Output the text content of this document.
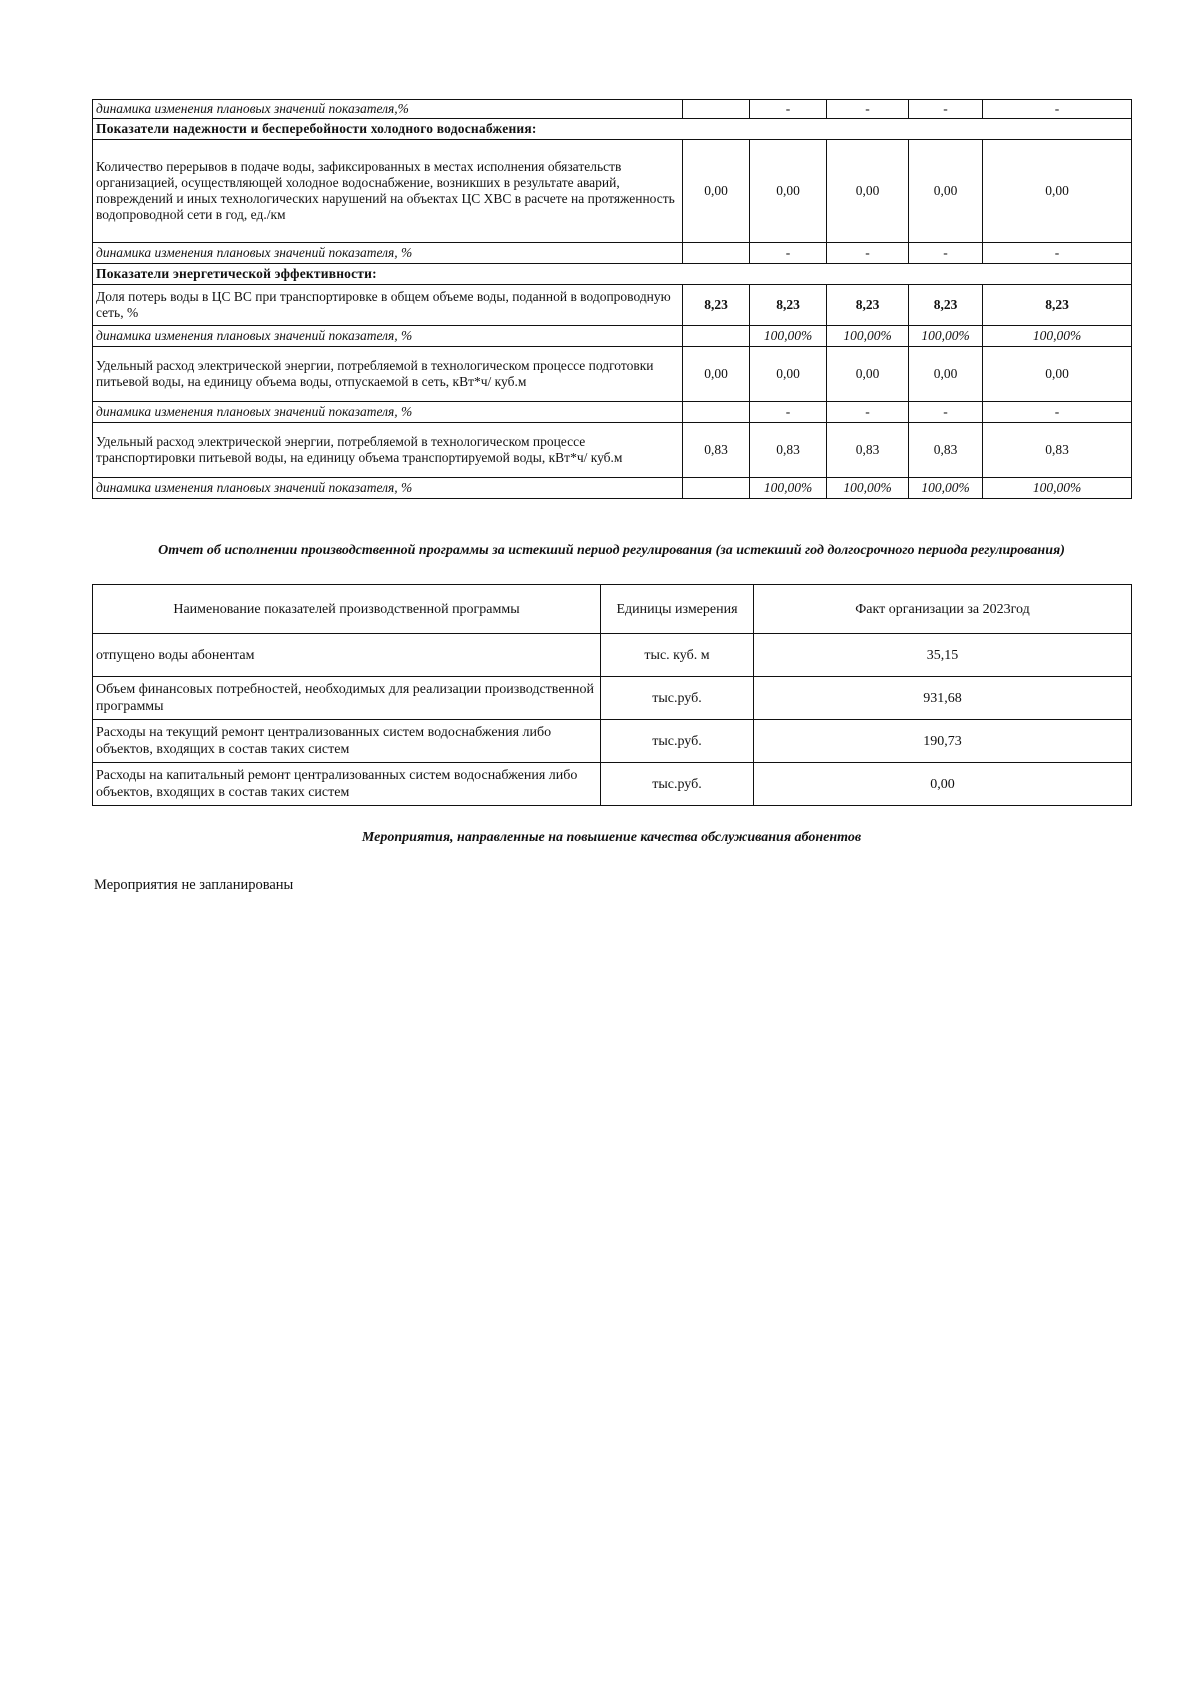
динамика изменения плановых значений показателя,%		-	-	-	-
Показатели надежности и бесперебойности холодного водоснабжения:					
Количество перерывов в подаче воды, зафиксированных в местах исполнения обязательств организацией, осуществляющей холодное водоснабжение, возникших в результате аварий, повреждений и иных технологических нарушений на объектах ЦС ХВС в расчете на протяженность водопроводной сети в год, ед./км	0,00	0,00	0,00	0,00	0,00
динамика изменения плановых значений показателя, %		-	-	-	-
Показатели энергетической эффективности:					
Доля потерь воды в ЦС ВС при транспортировке в общем объеме воды, поданной в водопроводную сеть, %	8,23	8,23	8,23	8,23	8,23
динамика изменения плановых значений показателя, %		100,00%	100,00%	100,00%	100,00%
Удельный расход электрической энергии, потребляемой в технологическом процессе подготовки питьевой воды, на единицу объема воды, отпускаемой в сеть, кВт*ч/ куб.м	0,00	0,00	0,00	0,00	0,00
динамика изменения плановых значений показателя, %		-	-	-	-
Удельный расход электрической энергии, потребляемой в технологическом процессе транспортировки питьевой воды, на единицу объема транспортируемой воды, кВт*ч/ куб.м	0,83	0,83	0,83	0,83	0,83
динамика изменения плановых значений показателя, %		100,00%	100,00%	100,00%	100,00%
Отчет об исполнении производственной программы за истекший период регулирования (за истекший год долгосрочного периода регулирования)
Наименование показателей производственной программы	Единицы измерения	Факт организации за 2023год
отпущено воды абонентам	тыс. куб. м	35,15
Объем финансовых потребностей, необходимых для реализации производственной программы	тыс.руб.	931,68
Расходы на текущий ремонт централизованных систем водоснабжения либо объектов, входящих в состав таких систем	тыс.руб.	190,73
Расходы на капитальный ремонт централизованных систем водоснабжения либо объектов, входящих в состав таких систем	тыс.руб.	0,00
Мероприятия, направленные на повышение качества обслуживания абонентов
Мероприятия не запланированы
